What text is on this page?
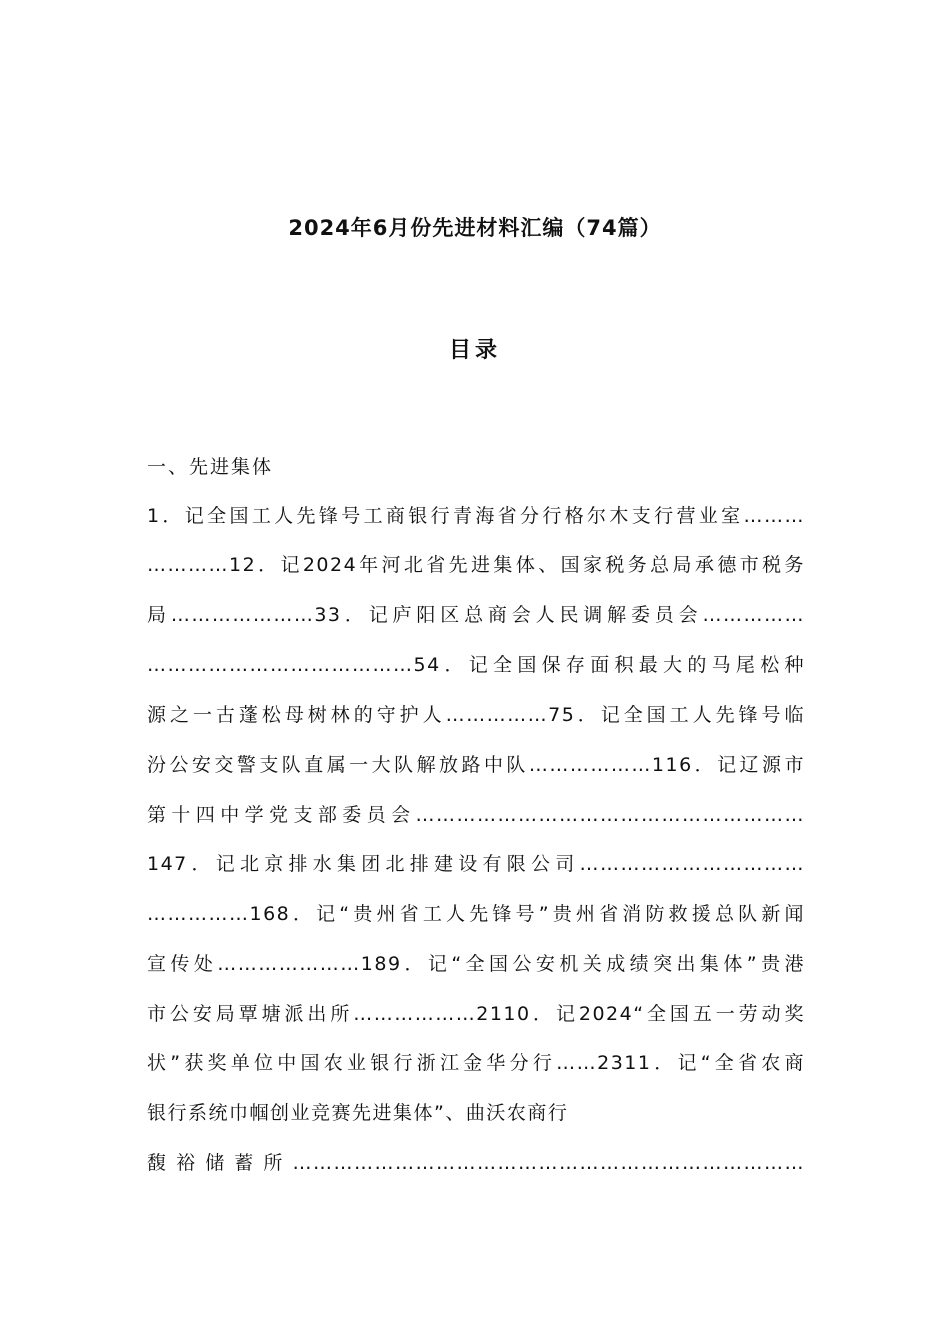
2024年6月份先进材料汇编（74篇）
目录
一、先进集体
1．记全国工人先锋号工商银行青海省分行格尔木支行营业室………
…………12．记2024年河北省先进集体、国家税务总局承德市税务
局…………………33．记庐阳区总商会人民调解委员会……………
…………………………………54．记全国保存面积最大的马尾松种
源之一古蓬松母树林的守护人……………75．记全国工人先锋号临
汾公安交警支队直属一大队解放路中队………………116．记辽源市
第十四中学党支部委员会…………………………………………………
147．记北京排水集团北排建设有限公司……………………………
……………168．记“贵州省工人先锋号”贵州省消防救援总队新闻
宣传处…………………189．记“全国公安机关成绩突出集体”贵港
市公安局覃塘派出所………………2110．记2024“全国五一劳动奖
状”获奖单位中国农业银行浙江金华分行……2311．记“全省农商
银行系统巾帼创业竞赛先进集体”、曲沃农商行
馥裕储蓄所…………………………………………………………………
